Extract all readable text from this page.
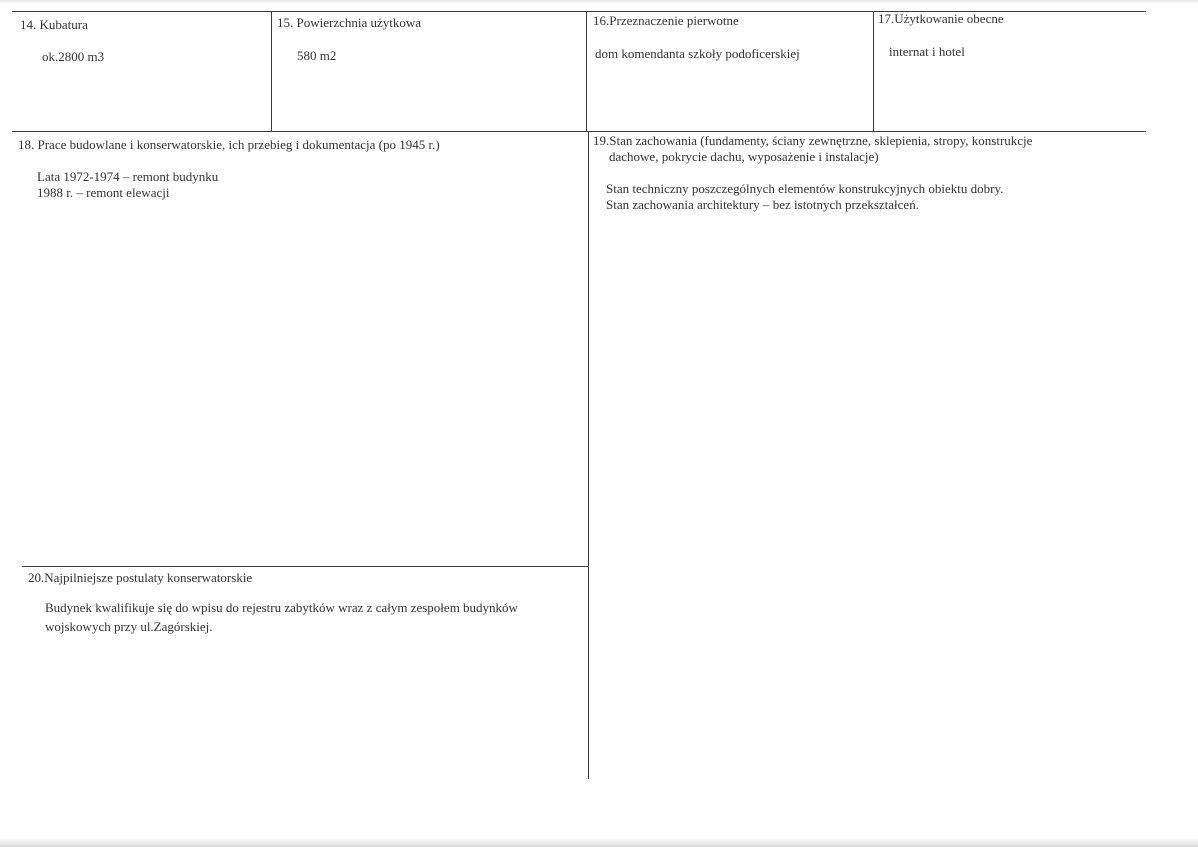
14. Kubatura
ok.2800 m3
15. Powierzchnia użytkowa
580 m2
16.Przeznaczenie pierwotne
dom komendanta szkoły podoficerskiej
17.Użytkowanie obecne
internat i hotel
18. Prace budowlane i konserwatorskie, ich przebieg i dokumentacja (po 1945 r.)
Lata 1972-1974 – remont budynku
1988 r. – remont elewacji
19.Stan zachowania (fundamenty, ściany zewnętrzne, sklepienia, stropy, konstrukcje
dachowe, pokrycie dachu, wyposażenie i instalacje)
Stan techniczny poszczególnych elementów konstrukcyjnych obiektu dobry.
Stan zachowania architektury – bez istotnych przekształceń.
20.Najpilniejsze postulaty konserwatorskie
Budynek kwalifikuje się do wpisu do rejestru zabytków wraz z całym zespołem budynków
wojskowych przy ul.Zagórskiej.
